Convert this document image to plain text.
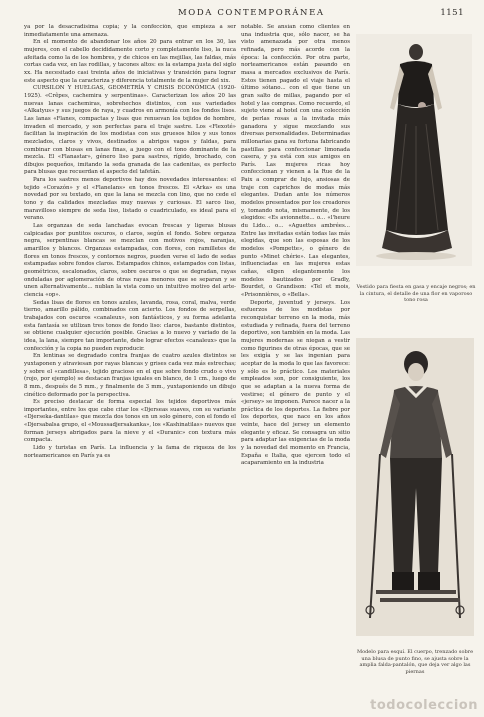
MODA CONTEMPORÁNEA	1151

ya por la desacradísima copia; y la confección, que empieza a ser inmediatamente una amenaza.

En el momento de abandonar los años 20 para entrar en los 30, las mujeres, con el cabello decididamente corto y completamente liso, la nuca afeitada como la de los hombres, y de chicos en las mejillas, las faldas, más cortas cada vez, en las rodillas, y tacones altos: es la estampa justa del siglo xx. Ha necesitado casi treinta años de iniciativas y transición para lograr este aspecto que la caracteriza y diferencia totalmente de la mujer del xix.

CURSILON Y HUELGAS, GEOMETRÍA Y CRISIS ECONÓMICA (1920-1925). «Crêpes, cachemira y serpentinas». Caracterizan los años 20 las nuevas lanas cachemiras, sobrehechos distintos, con sus variedades «Alkatyus» y sus juegos de raya, y cuadros en armonía con los fondos lisos. Las lanas «Flanes, compactas y lisas que renuevan los tejidos de hombre, invaden el mercado, y son perfectas para el traje sastre. Los «Flexoté» facilitan la inspiración de los modistas con sus gruesos hilos y sus tonos mezclados, claros y vivos, destinados a abrigos vagos y faldas, para combinar con blusas en lanas finas, a juego con el tono dominante de la mezcla. El «Flanastar», género liso para sastres, rígido, brochado, con dibujos pequeños, imitando la seda granada de las cadenitas, es perfecto para blusas que recuerdan el aspecto del tafetán.

Para los sastres menos deportivos hay dos novedades interesantes: el tejido «Corazón» y el «Flanelans» en tonos frescos. El «Arka» es una novedad por su textado, en que la lana se mezcla con lino, que no cede el tono y da calidades mezcladas muy nuevas y curiosas. El sarco liso, maravilloso siempre de seda liso, listado o cuadriculado, es ideal para el verano.

Las organzas de seda lanchadas evocan frescas y ligeras blusas calpicadas por puntitos oscuros, o claros, según el fondo. Sobre organza negra, serpentinas blancas se mezclan con motivos rojos, naranjas, amarillos y blancos. Organzas estampadas, con flores, con ramilletes de flores en tonos frescos, y contornos negros, pueden verse el lado de sedas estampadas sobre fondos claros. Estampados chinos, estampados con listas, geométricos, escalonados, claros, sobre oscuros o que se degradan, rayas onduladas por aglomeración de otras rayas menores que se separan y se unen alternativamente... nublan la vista como un intuitivo motivo del arte-ciencia «op».

Sedas lisas de flores en tonos azules, lavanda, rosa, coral, malva, verde tierno, amarillo pálido, combinados con acierto. Los fondos de serpellas, trabajados con oscuros «canaleux», son fantásticos, y su forma adelanta esta fantasía se utilizan tres tonos de fondo liso: claros, bastante distintos, se obtiene cualquier ejecución posible. Gracias a lo nuevo y variado de la idea, la lana, siempre tan importante, debe lograr efectos «canaleux» que la confección y la copia no pueden reproducir.

En lentinas se degradado contra franjas de cuatro azules distintos se yuxtaponen y atraviesan por rayas blancas y grises cada vez más estrechas; y sobre el «candillesa», tejido gracioso en el que sobre fondo crudo o vivo (rojo, por ejemplo) se destacan franjas iguales en blanco, de 1 cm., luego de 8 mm., después de 5 mm., y finalmente de 3 mm., yuxtaponiendo un dibujo cinético deformado por la perspectiva.

Es preciso destacar de forma especial los tejidos deportivos más importantes, entre los que cabe citar los «Djerseas suaves, con su variante «Djerseka-dantilas» que mezcla dos tonos en un solo género, con el fondo el «Djersabalsa grupo, el «Moussadjersakanka», los «Kashinatilas» nuevos que forman jerseys abrigados para la nieve y el «Duranic» con textura más compacta.

Lido y turistas en París. La influencia y la fama de riqueza de los norteamericanos en París ya es

notable. Se ansían como clientes en una industria que, sólo nacer, se ha visto amenazada por otra menos refinada, pero más acorde con la época: la confección. Por otra parte, norteamericanos están pasando en masa a mercados exclusivos de París. Estos tienen pagado el viaje hasta el último sótano... con el que tiene un gran salto de millas, pagando por el hotel y las compras. Como recuerdo, el sujeto viene al hotel con una colección de perlas rosas a la invitada más ganadora y sigue mezclando sus diversas personalidades. Determinadas millonarias gana su fortuna fabricando pastillas para confeccionar limonada casera, y ya está con sus amigos en París. Las mujeres ricas hoy confeccionan y vienen a la Rue de la Paix a comprar de lujo, ansiosas de traje con caprichos de modas más elegantes. Dudan ante los números modelos presentados por los creadores y, tomando nota, mismamente, de los elegidos: «Es avionnette... o... «l'heure du Lido... o... «Aguettes ambrées... Entre las invitadas están todas las más elegidas, que son las esposas de los modelos «Pompette», o género de punto «Minet chérie». Las elegantes, influenciadas en las mujeres estas cañas, eligen elegantemente los modelos bautizados por Gradly, Bourdet, o Grandison: «Tel et mois, «Prisonnières, o «Bella».

Deporte, juventud y jerseys. Los esfuerzos de los modistas por reconquistar terreno en la moda, más estudiada y refinada, fuera del terreno deportivo, son también en la moda. Las mujeres modernas se niegan a vestir como figurines de otras épocas, que se les exigía y se las ingenian para aceptar de la moda lo que las favorece: y sólo es lo práctico. Los materiales empleados son, por consiguiente, los que se adaptan a la nueva forma de vestirse; el género de punto y el «jersey» se imponen. Parece nacer a la práctica de los deportes. La fiebre por los deportes, que nace en los años veinte, hace del jersey un elemento elegante y eficaz. Se consagra un sitio para adaptar las exigencias de la moda y la novedad del momento en Francia, España e Italia, que ejercen todo el acaparamiento en la industria

Vestido para fiesta en gasa y encaje negros; en la cintura, el detalle de una flor en vaporoso tono rosa
Modelo para esquí. El cuerpo, trenzado sobre una blusa de punto fino, se ajusta sobre la amplia falda-pantalón, que deja ver algo las piernas
todocoleccion
